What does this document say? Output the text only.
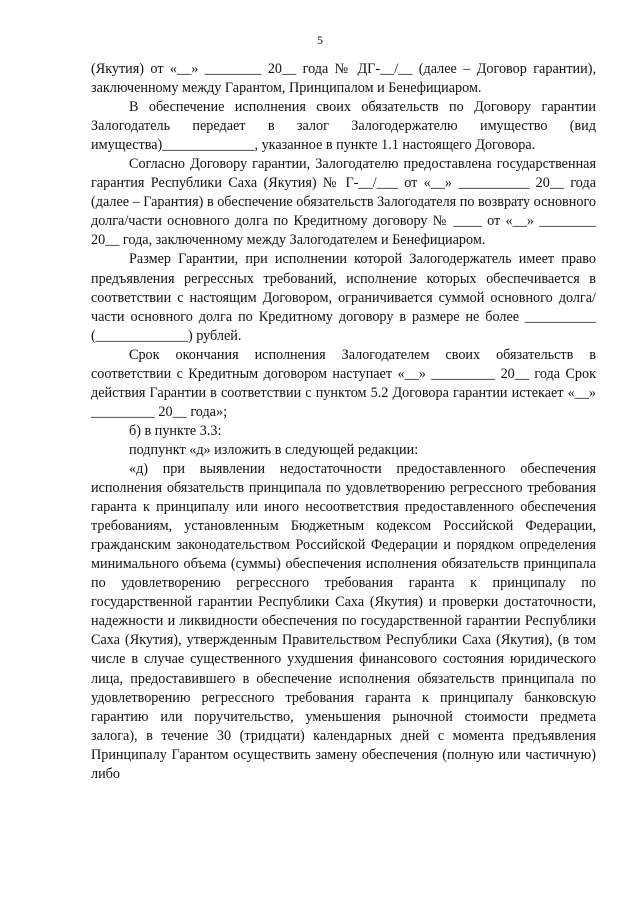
5

(Якутия) от «__» ________ 20__ года № ДГ-__/__ (далее – Договор гарантии), заключенному между Гарантом, Принципалом и Бенефициаром.

В обеспечение исполнения своих обязательств по Договору гарантии Залогодатель передает в залог Залогодержателю имущество (вид имущества)_____________, указанное в пункте 1.1 настоящего Договора.

Согласно Договору гарантии, Залогодателю предоставлена государственная гарантия Республики Саха (Якутия) № Г-__/___ от «__» __________ 20__ года (далее – Гарантия) в обеспечение обязательств Залогодателя по возврату основного долга/части основного долга по Кредитному договору № ____ от «__» ________ 20__ года, заключенному между Залогодателем и Бенефициаром.

Размер Гарантии, при исполнении которой Залогодержатель имеет право предъявления регрессных требований, исполнение которых обеспечивается в соответствии с настоящим Договором, ограничивается суммой основного долга/части основного долга по Кредитному договору в размере не более __________ (_____________) рублей.

Срок окончания исполнения Залогодателем своих обязательств в соответствии с Кредитным договором наступает «__» _________ 20__ года Срок действия Гарантии в соответствии с пунктом 5.2 Договора гарантии истекает «__» _________ 20__ года»;

б) в пункте 3.3:

подпункт «д» изложить в следующей редакции:

«д) при выявлении недостаточности предоставленного обеспечения исполнения обязательств принципала по удовлетворению регрессного требования гаранта к принципалу или иного несоответствия предоставленного обеспечения требованиям, установленным Бюджетным кодексом Российской Федерации, гражданским законодательством Российской Федерации и порядком определения минимального объема (суммы) обеспечения исполнения обязательств принципала по удовлетворению регрессного требования гаранта к принципалу по государственной гарантии Республики Саха (Якутия) и проверки достаточности, надежности и ликвидности обеспечения по государственной гарантии Республики Саха (Якутия), утвержденным Правительством Республики Саха (Якутия), (в том числе в случае существенного ухудшения финансового состояния юридического лица, предоставившего в обеспечение исполнения обязательств принципала по удовлетворению регрессного требования гаранта к принципалу банковскую гарантию или поручительство, уменьшения рыночной стоимости предмета залога), в течение 30 (тридцати) календарных дней с момента предъявления Принципалу Гарантом осуществить замену обеспечения (полную или частичную) либо
